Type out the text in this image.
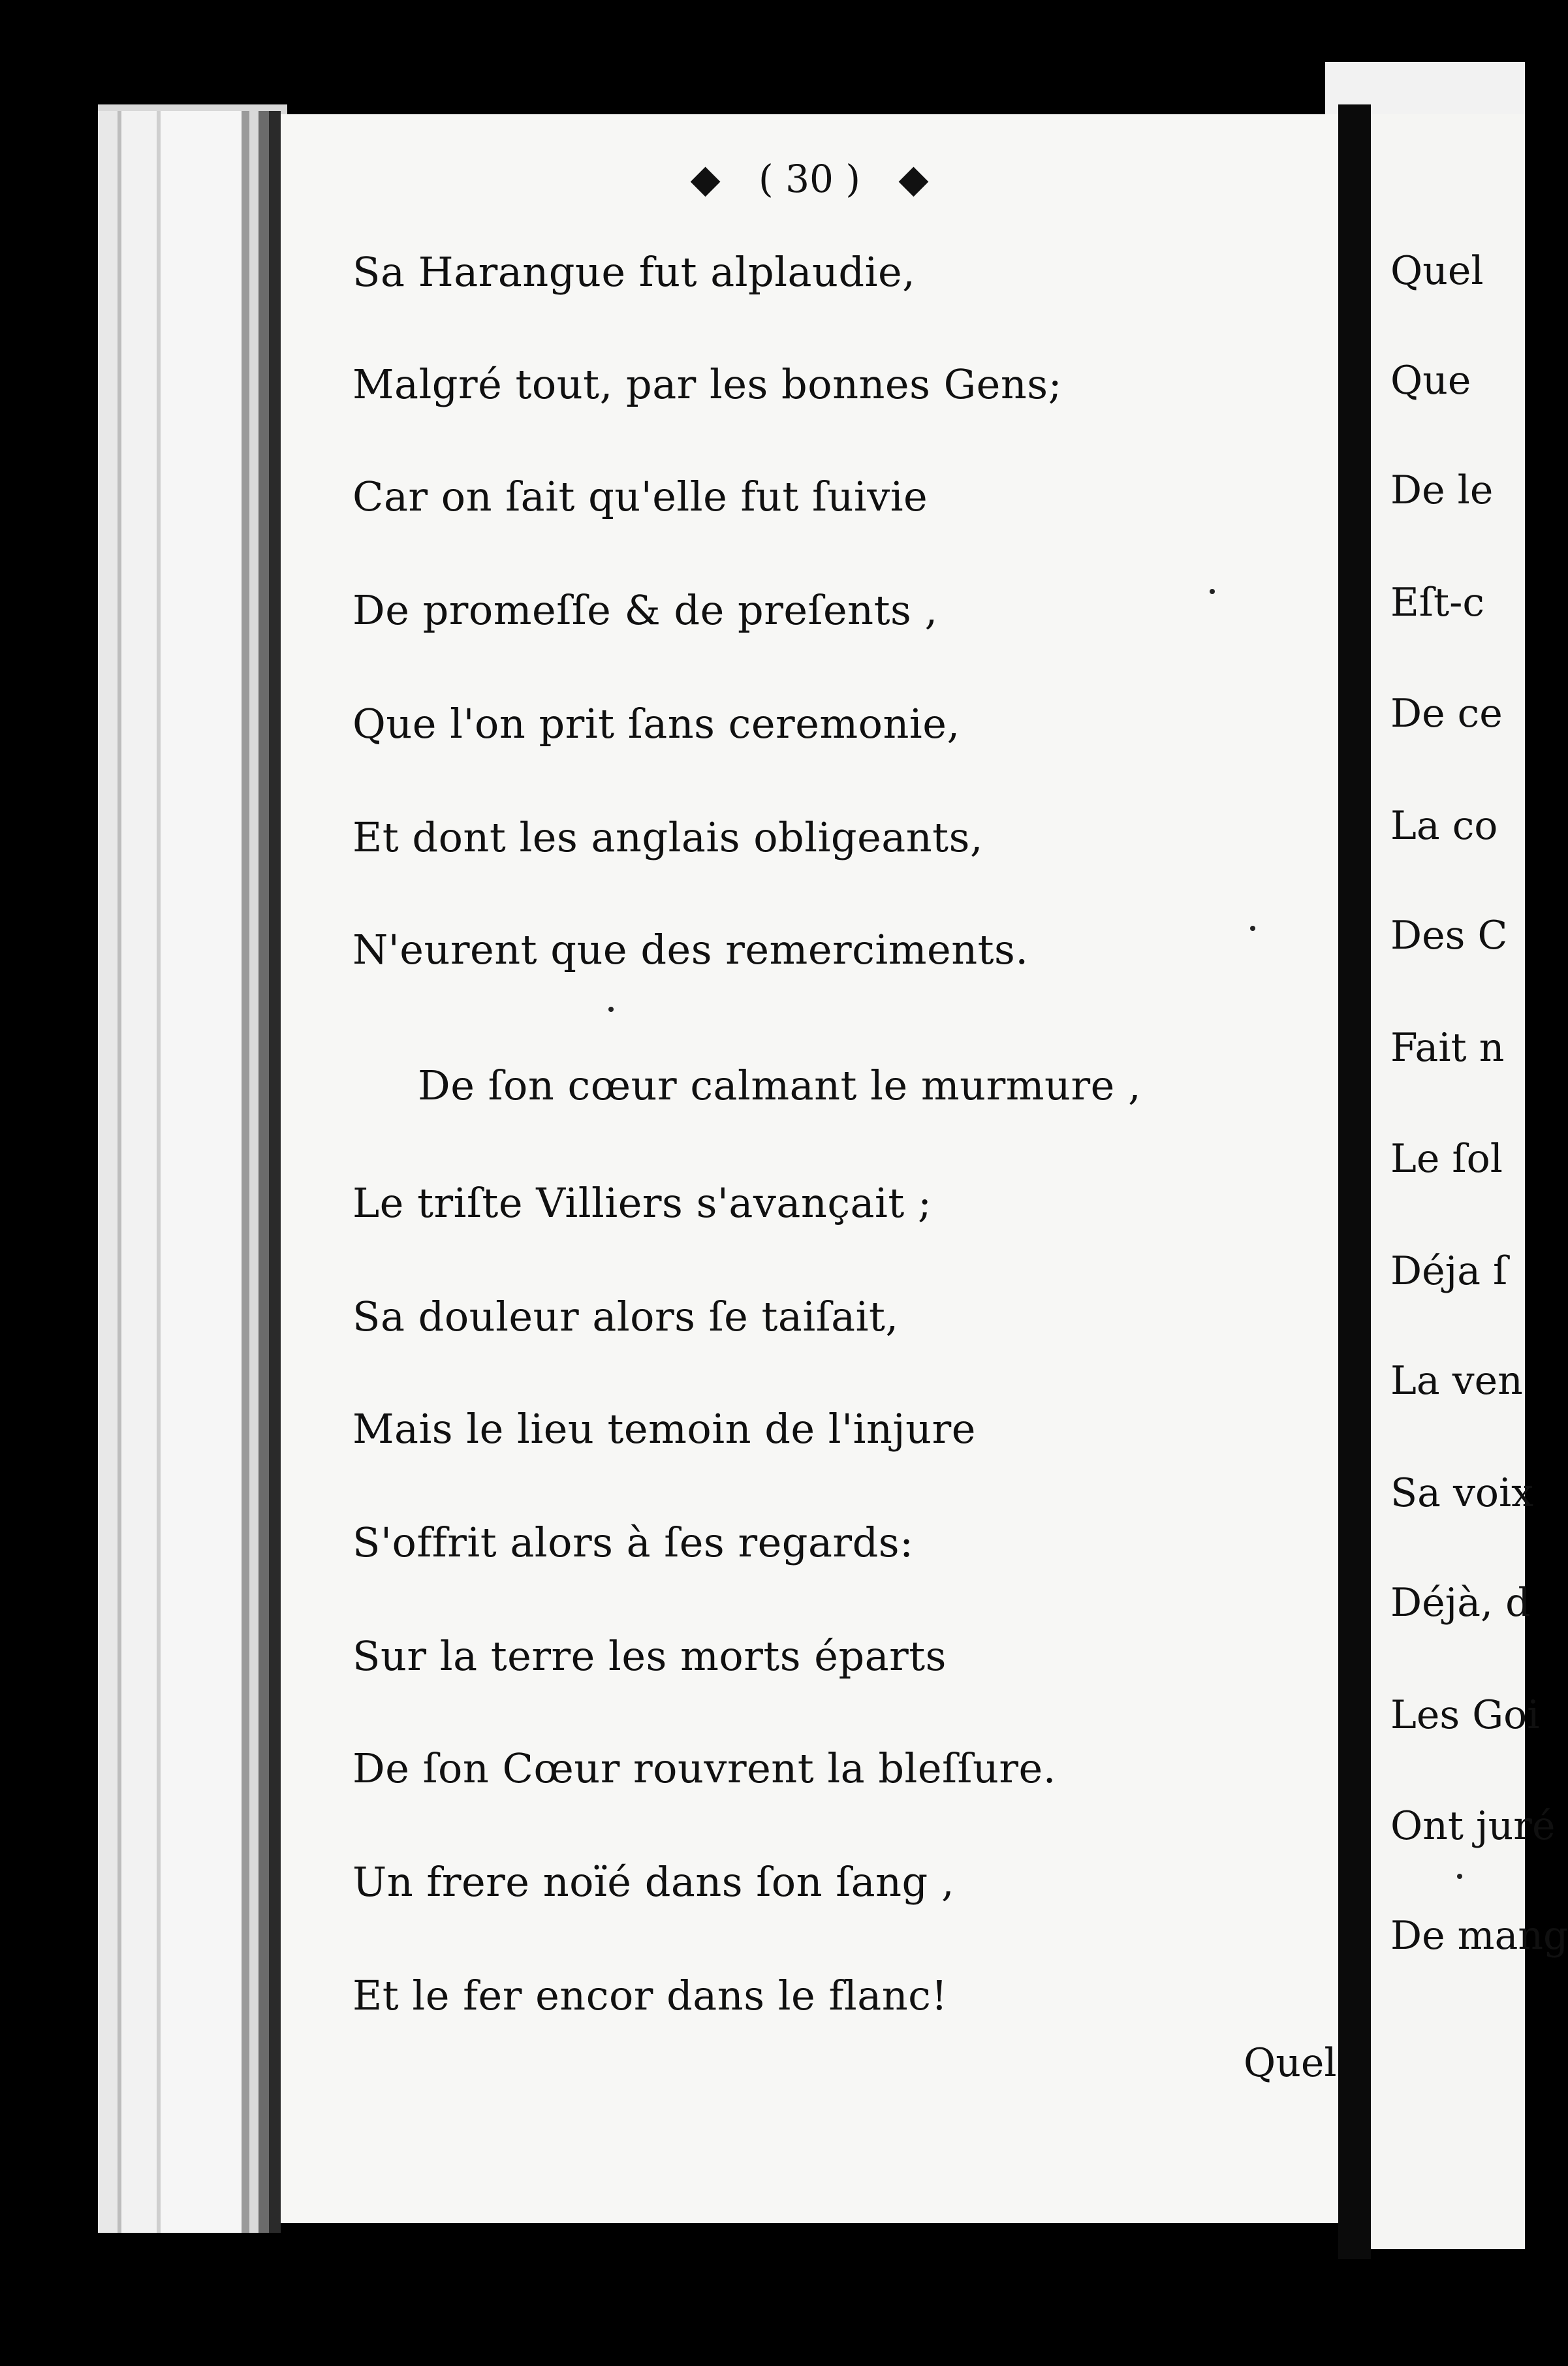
◆ ( 30 ) ◆
Sa Harangue fut alplaudie,
Malgré tout, par les bonnes Gens;
Car on ſait qu'elle fut ſuivie
De promeſſe & de preſents ,
Que l'on prit ſans ceremonie,
Et dont les anglais obligeants,
N'eurent que des remerciments.
De ſon cœur calmant le murmure ,
Le triſte Villiers s'avançait ;
Sa douleur alors ſe taiſait,
Mais le lieu temoin de l'injure
S'offrit alors à ſes regards:
Sur la terre les morts éparts
De ſon Cœur rouvrent la bleſſure.
Un frere noïé dans ſon ſang ,
Et le fer encor dans le flanc!
Quel
Quel
Que
De le
Eſt-c
De ce
La co
Des C
Fait n
Le ſol
Déja ſ
La ven
Sa voix
Déjà, d
Les Goi
Ont juré
De mang
